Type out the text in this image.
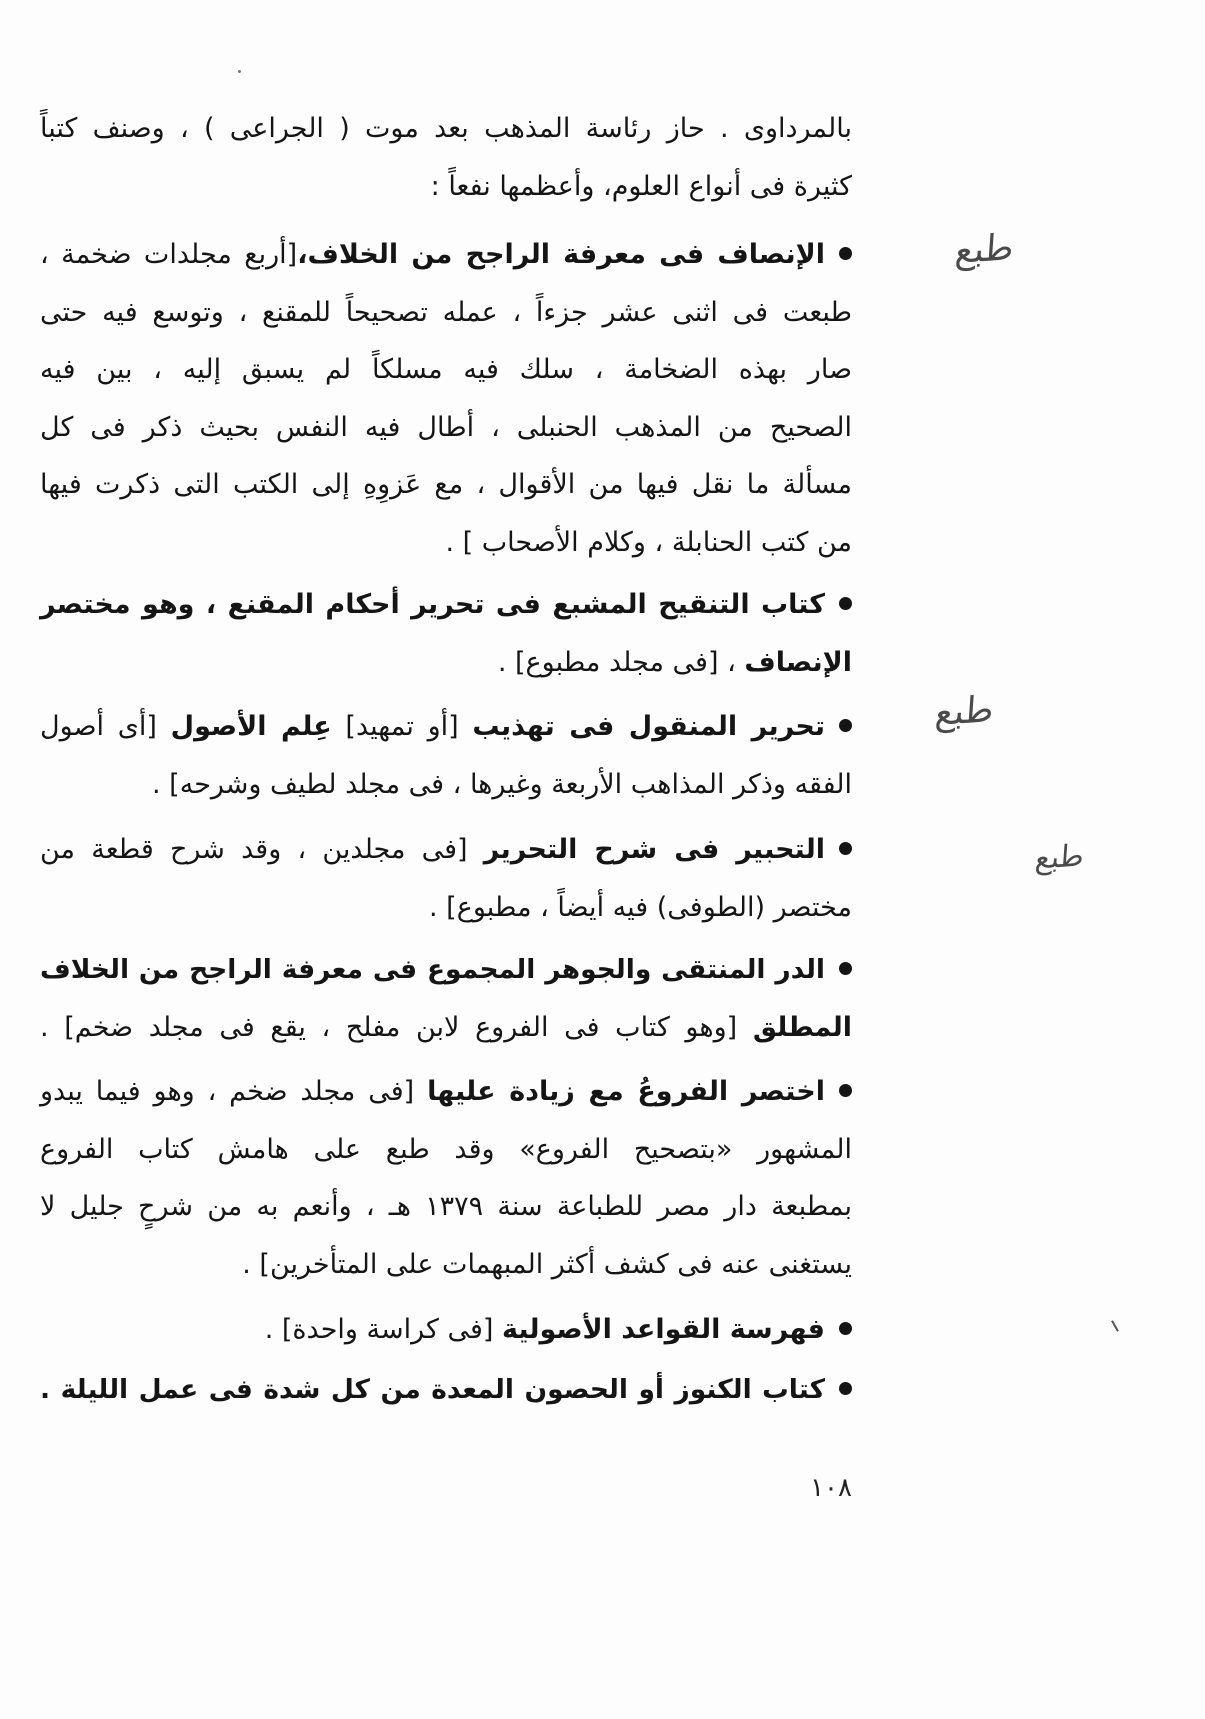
بالمرداوى . حاز رئاسة المذهب بعد موت ( الجراعى ) ، وصنف كتباً
كثيرة فى أنواع العلوم، وأعظمها نفعاً :
الإنصاف فى معرفة الراجح من الخلاف،[أربع مجلدات ضخمة ،
طبعت فى اثنى عشر جزءاً ، عمله تصحيحاً للمقنع ، وتوسع فيه حتى
صار بهذه الضخامة ، سلك فيه مسلكاً لم يسبق إليه ، بين فيه
الصحيح من المذهب الحنبلى ، أطال فيه النفس بحيث ذكر فى كل
مسألة ما نقل فيها من الأقوال ، مع عَزوِهِ إلى الكتب التى ذكرت فيها
من كتب الحنابلة ، وكلام الأصحاب ] .
كتاب التنقيح المشبع فى تحرير أحكام المقنع ، وهو مختصر
الإنصاف ، [فى مجلد مطبوع] .
تحرير المنقول فى تهذيب [أو تمهيد] عِلم الأصول [أى أصول
الفقه وذكر المذاهب الأربعة وغيرها ، فى مجلد لطيف وشرحه] .
التحبير فى شرح التحرير [فى مجلدين ، وقد شرح قطعة من
مختصر (الطوفى) فيه أيضاً ، مطبوع] .
الدر المنتقى والجوهر المجموع فى معرفة الراجح من الخلاف
المطلق [وهو كتاب فى الفروع لابن مفلح ، يقع فى مجلد ضخم] .
اختصر الفروعُ مع زيادة عليها [فى مجلد ضخم ، وهو فيما يبدو
المشهور «بتصحيح الفروع» وقد طبع على هامش كتاب الفروع
بمطبعة دار مصر للطباعة سنة ١٣٧٩ هـ ، وأنعم به من شرحٍ جليل لا
يستغنى عنه فى كشف أكثر المبهمات على المتأخرين] .
فهرسة القواعد الأصولية [فى كراسة واحدة] .
كتاب الكنوز أو الحصون المعدة من كل شدة فى عمل الليلة .
طبع
طبع
طبع
١٠٨
